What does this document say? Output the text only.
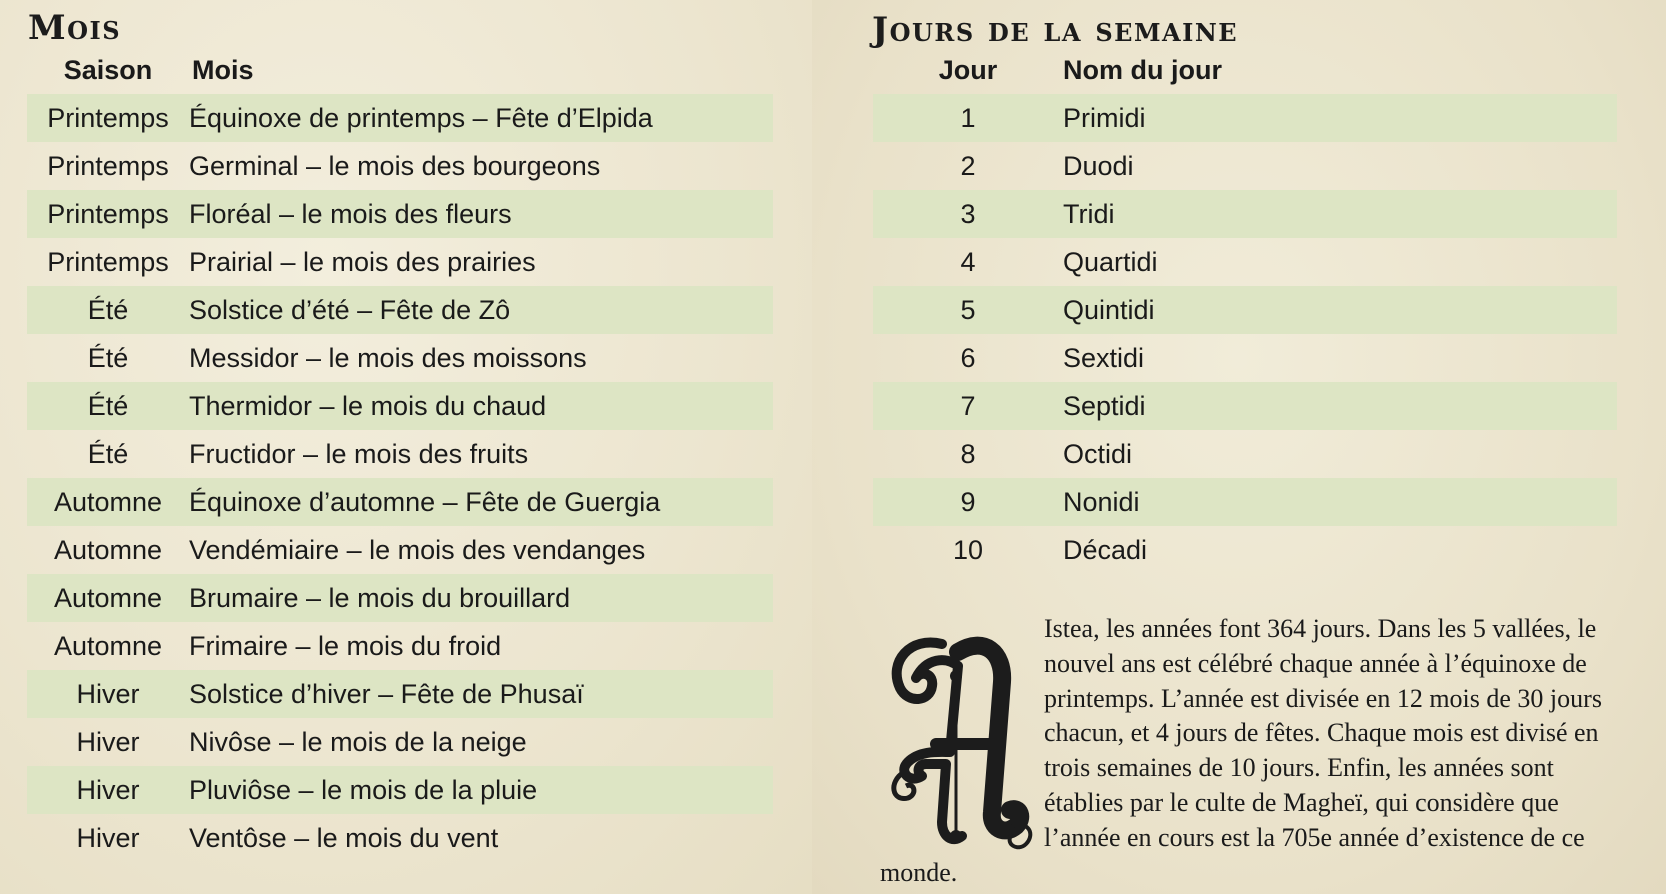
Mois
Saison	Mois
Printemps	Équinoxe de printemps – Fête d’Elpida
Printemps	Germinal – le mois des bourgeons
Printemps	Floréal – le mois des fleurs
Printemps	Prairial – le mois des prairies
Été	Solstice d’été – Fête de Zô
Été	Messidor – le mois des moissons
Été	Thermidor – le mois du chaud
Été	Fructidor – le mois des fruits
Automne	Équinoxe d’automne – Fête de Guergia
Automne	Vendémiaire – le mois des vendanges
Automne	Brumaire – le mois du brouillard
Automne	Frimaire – le mois du froid
Hiver	Solstice d’hiver – Fête de Phusaï
Hiver	Nivôse – le mois de la neige
Hiver	Pluviôse – le mois de la pluie
Hiver	Ventôse – le mois du vent
Jours de la semaine
Jour	Nom du jour
1	Primidi
2	Duodi
3	Tridi
4	Quartidi
5	Quintidi
6	Sextidi
7	Septidi
8	Octidi
9	Nonidi
10	Décadi
Istea, les années font 364 jours. Dans les 5 vallées, le nouvel ans est célébré chaque année à l’équinoxe de printemps. L’année est divisée en 12 mois de 30 jours chacun, et 4 jours de fêtes. Chaque mois est divisé en trois semaines de 10 jours. Enfin, les années sont établies par le culte de Magheï, qui considère que l’année en cours est la 705e année d’existence de ce monde.
